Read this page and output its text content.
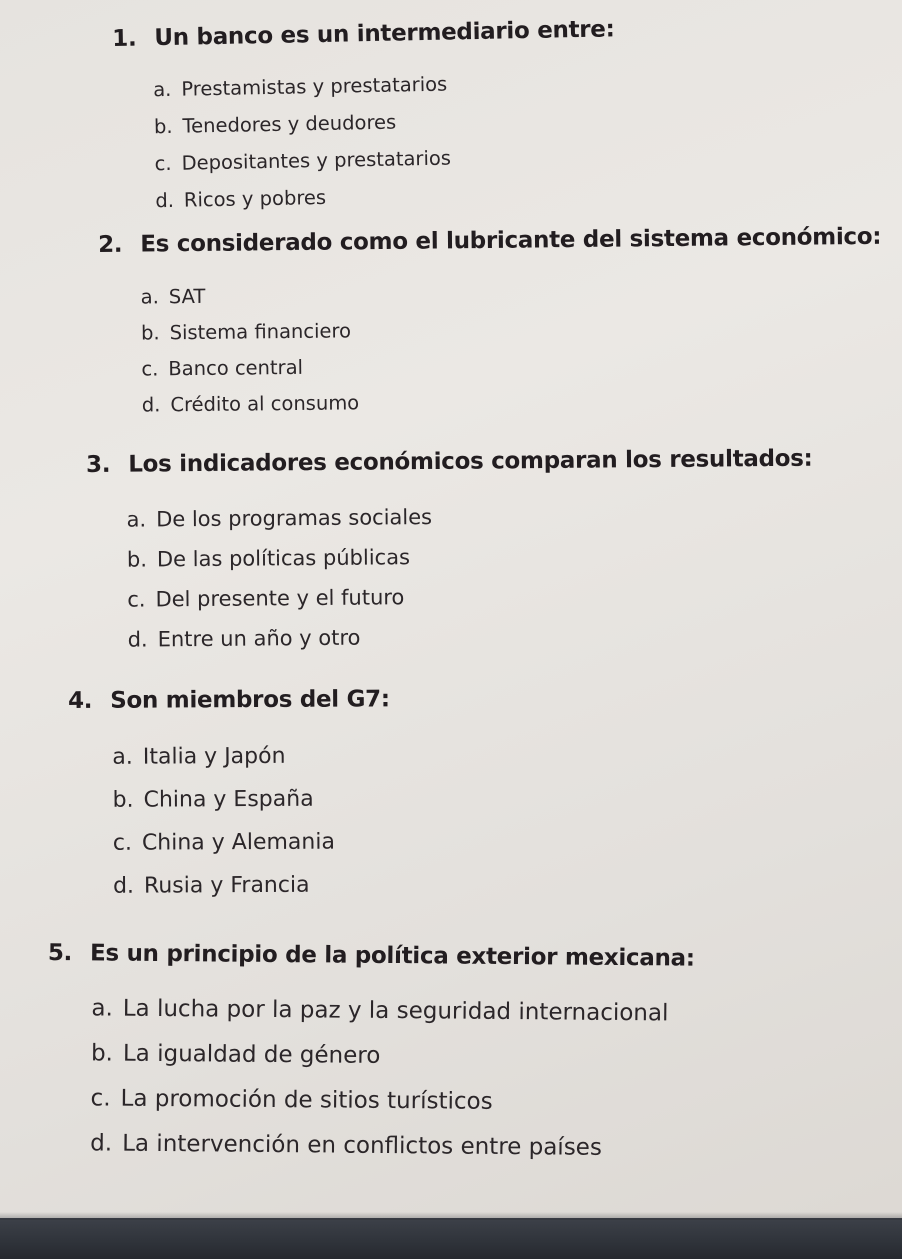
1. Un banco es un intermediario entre:
a. Prestamistas y prestatarios
b. Tenedores y deudores
c. Depositantes y prestatarios
d. Ricos y pobres
2. Es considerado como el lubricante del sistema económico:
a. SAT
b. Sistema financiero
c. Banco central
d. Crédito al consumo
3. Los indicadores económicos comparan los resultados:
a. De los programas sociales
b. De las políticas públicas
c. Del presente y el futuro
d. Entre un año y otro
4. Son miembros del G7:
a. Italia y Japón
b. China y España
c. China y Alemania
d. Rusia y Francia
5. Es un principio de la política exterior mexicana:
a. La lucha por la paz y la seguridad internacional
b. La igualdad de género
c. La promoción de sitios turísticos
d. La intervención en conflictos entre países
